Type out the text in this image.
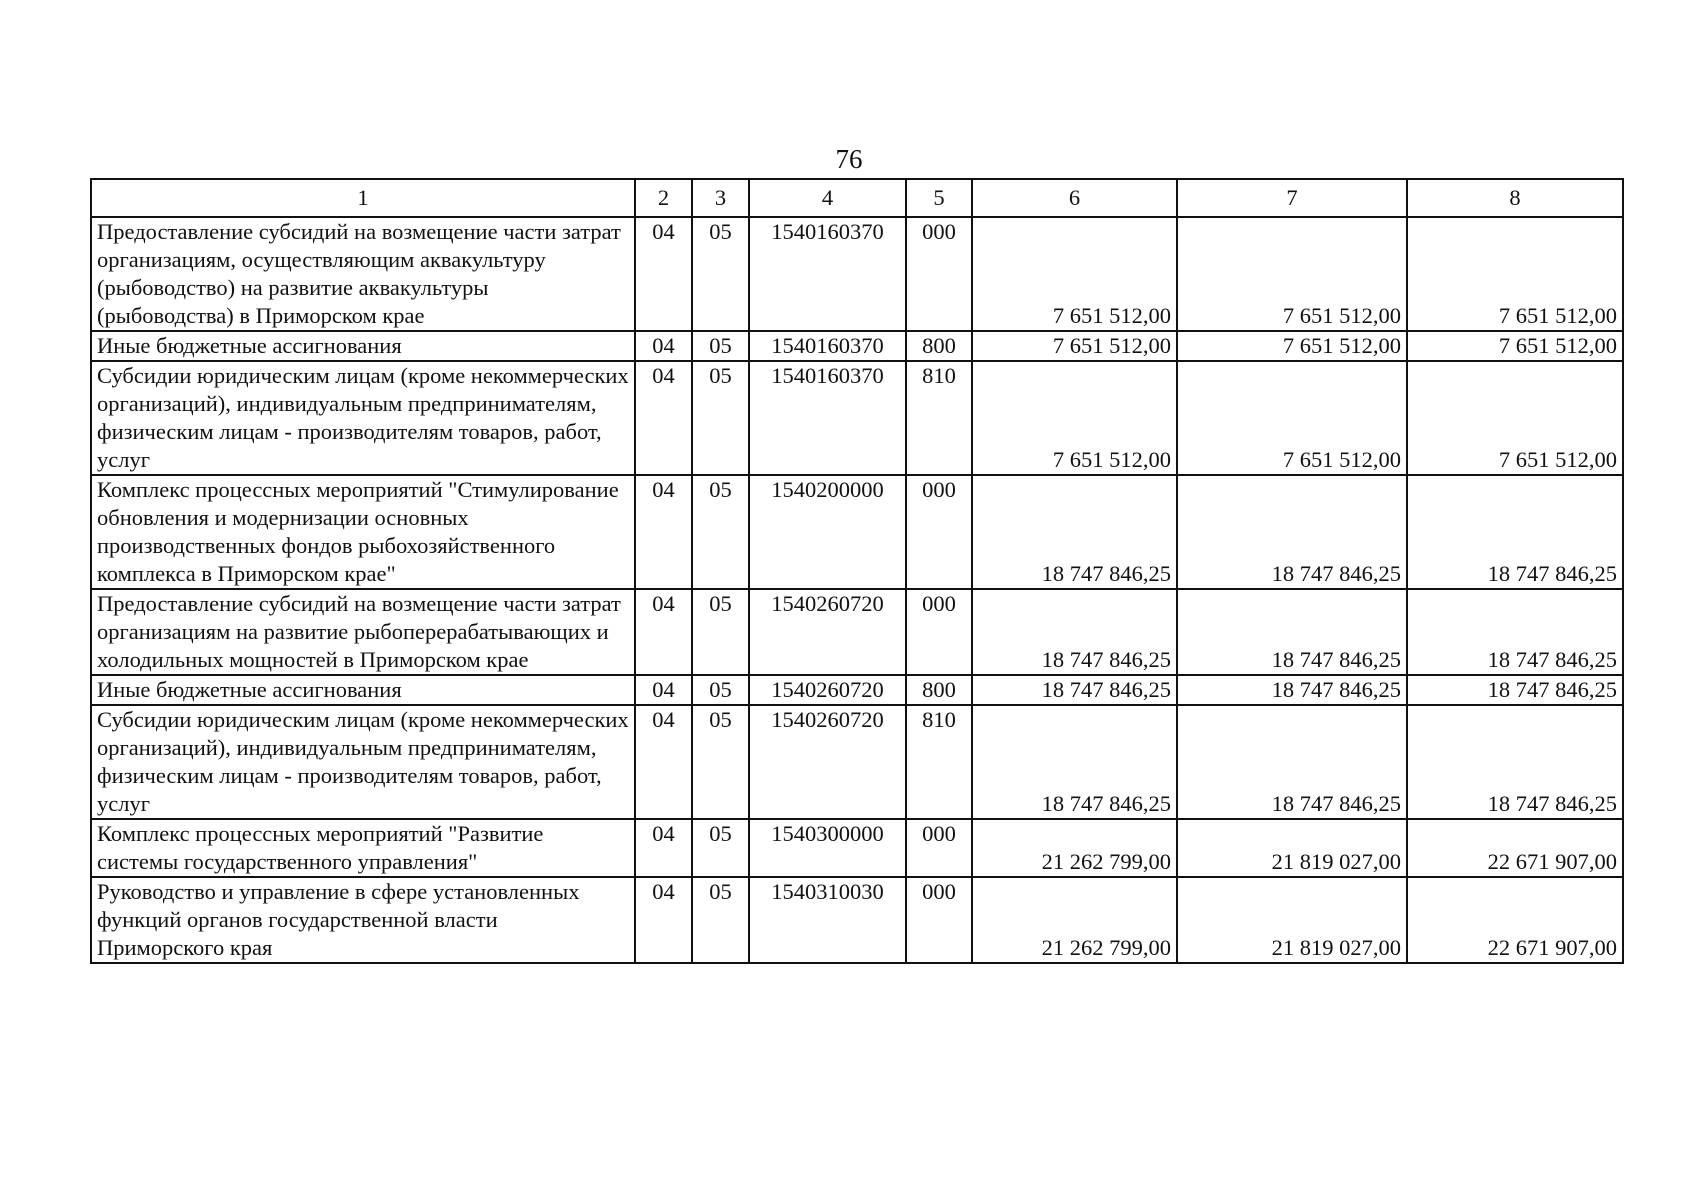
76
1	2	3	4	5	6	7	8
Предоставление субсидий на возмещение части затрат организациям, осуществляющим аквакультуру (рыбоводство) на развитие аквакультуры (рыбоводства) в Приморском крае	04	05	1540160370	000	7 651 512,00	7 651 512,00	7 651 512,00
Иные бюджетные ассигнования	04	05	1540160370	800	7 651 512,00	7 651 512,00	7 651 512,00
Субсидии юридическим лицам (кроме некоммерческих организаций), индивидуальным предпринимателям, физическим лицам - производителям товаров, работ, услуг	04	05	1540160370	810	7 651 512,00	7 651 512,00	7 651 512,00
Комплекс процессных мероприятий "Стимулирование обновления и модернизации основных производственных фондов рыбохозяйственного комплекса в Приморском крае"	04	05	1540200000	000	18 747 846,25	18 747 846,25	18 747 846,25
Предоставление субсидий на возмещение части затрат организациям на развитие рыбоперерабатывающих и холодильных мощностей в Приморском крае	04	05	1540260720	000	18 747 846,25	18 747 846,25	18 747 846,25
Иные бюджетные ассигнования	04	05	1540260720	800	18 747 846,25	18 747 846,25	18 747 846,25
Субсидии юридическим лицам (кроме некоммерческих организаций), индивидуальным предпринимателям, физическим лицам - производителям товаров, работ, услуг	04	05	1540260720	810	18 747 846,25	18 747 846,25	18 747 846,25
Комплекс процессных мероприятий "Развитие системы государственного управления"	04	05	1540300000	000	21 262 799,00	21 819 027,00	22 671 907,00
Руководство и управление в сфере установленных функций органов государственной власти Приморского края	04	05	1540310030	000	21 262 799,00	21 819 027,00	22 671 907,00
